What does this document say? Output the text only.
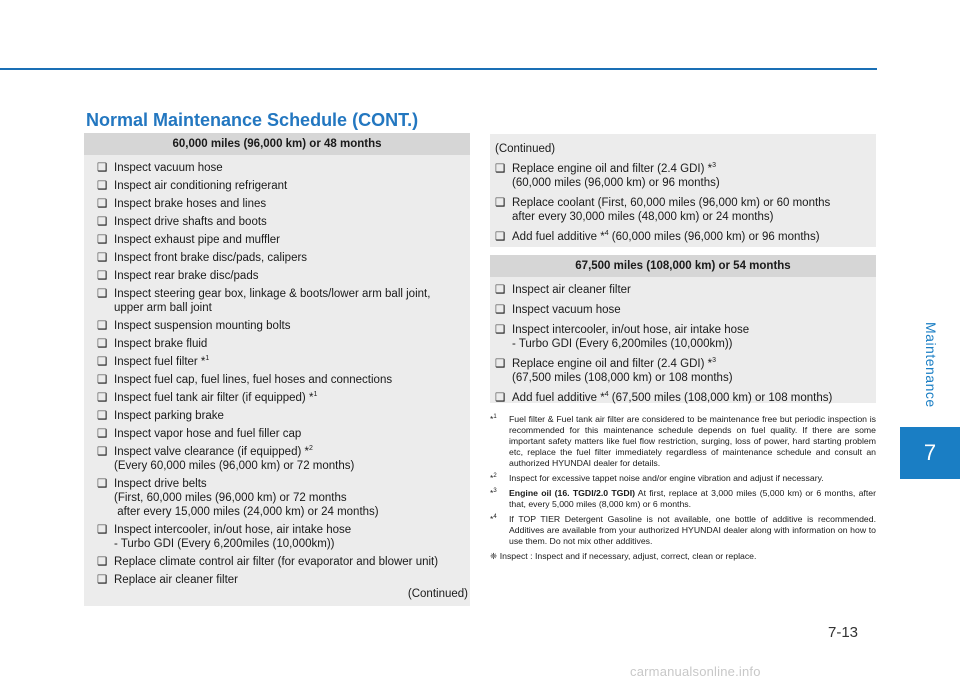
Normal Maintenance Schedule (CONT.)
60,000 miles (96,000 km) or 48 months
❑ Inspect vacuum hose
❑ Inspect air conditioning refrigerant
❑ Inspect brake hoses and lines
❑ Inspect drive shafts and boots
❑ Inspect exhaust pipe and muffler
❑ Inspect front brake disc/pads, calipers
❑ Inspect rear brake disc/pads
❑ Inspect steering gear box, linkage & boots/lower arm ball joint,
upper arm ball joint
❑ Inspect suspension mounting bolts
❑ Inspect brake fluid
❑ Inspect fuel filter *$^1$
❑ Inspect fuel cap, fuel lines, fuel hoses and connections
❑ Inspect fuel tank air filter (if equipped) *$^1$
❑ Inspect parking brake
❑ Inspect vapor hose and fuel filler cap
❑ Inspect valve clearance (if equipped) *$^2$
(Every 60,000 miles (96,000 km) or 72 months)
❑ Inspect drive belts
(First, 60,000 miles (96,000 km) or 72 months
after every 15,000 miles (24,000 km) or 24 months)
❑ Inspect intercooler, in/out hose, air intake hose
- Turbo GDI (Every 6,200miles (10,000km))
❑ Replace climate control air filter (for evaporator and blower unit)
❑ Replace air cleaner filter
(Continued)
(Continued)
❑ Replace engine oil and filter (2.4 GDI) *$^3$
(60,000 miles (96,000 km) or 96 months)
❑ Replace coolant (First, 60,000 miles (96,000 km) or 60 months
after every 30,000 miles (48,000 km) or 24 months)
❑ Add fuel additive *$^4$ (60,000 miles (96,000 km) or 96 months)
67,500 miles (108,000 km) or 54 months
❑ Inspect air cleaner filter
❑ Inspect vacuum hose
❑ Inspect intercooler, in/out hose, air intake hose
- Turbo GDI (Every 6,200miles (10,000km))
❑ Replace engine oil and filter (2.4 GDI) *$^3$
(67,500 miles (108,000 km) or 108 months)
❑ Add fuel additive *$^4$ (67,500 miles (108,000 km) or 108 months)
*$^1$ Fuel filter & Fuel tank air filter are considered to be maintenance free but periodic inspection is recommended for this maintenance schedule depends on fuel quality. If there are some important safety matters like fuel flow restriction, surging, loss of power, hard starting problem etc, replace the fuel filter immediately regardless of maintenance schedule and consult an authorized HYUNDAI dealer for details.
*$^2$ Inspect for excessive tappet noise and/or engine vibration and adjust if necessary.
*$^3$ Engine oil (16. TGDI/2.0 TGDI) At first, replace at 3,000 miles (5,000 km) or 6 months, after that, every 5,000 miles (8,000 km) or 6 months.
*$^4$ If TOP TIER Detergent Gasoline is not available, one bottle of additive is recommended. Additives are available from your authorized HYUNDAI dealer along with information on how to use them. Do not mix other additives.
❈ Inspect : Inspect and if necessary, adjust, correct, clean or replace.
Maintenance
7
7-13
carmanualsonline.info
